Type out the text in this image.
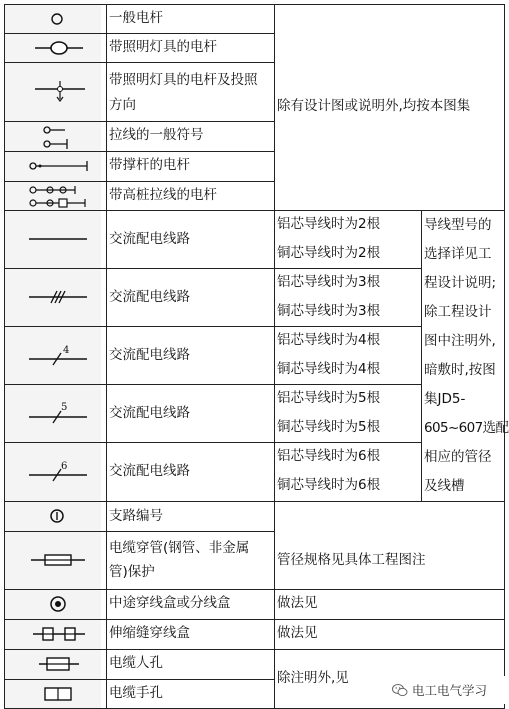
4
5
6
一般电杆
带照明灯具的电杆
带照明灯具的电杆及投照
方向
拉线的一般符号
带撑杆的电杆
带高桩拉线的电杆
交流配电线路
交流配电线路
交流配电线路
交流配电线路
交流配电线路
支路编号
电缆穿管(钢管、非金属
管)保护
中途穿线盒或分线盒
伸缩缝穿线盒
电缆人孔
电缆手孔
除有设计图或说明外,均按本图集
铝芯导线时为2根
铜芯导线时为2根
铝芯导线时为3根
铜芯导线时为3根
铝芯导线时为4根
铜芯导线时为4根
铝芯导线时为5根
铜芯导线时为5根
铝芯导线时为6根
铜芯导线时为6根
导线型号的
选择详见工
程设计说明;
除工程设计
图中注明外,
暗敷时,按图
集JD5-
605~607选配
相应的管径
及线槽
管径规格见具体工程图注
做法见
做法见
除注明外,见
电工电气学习
